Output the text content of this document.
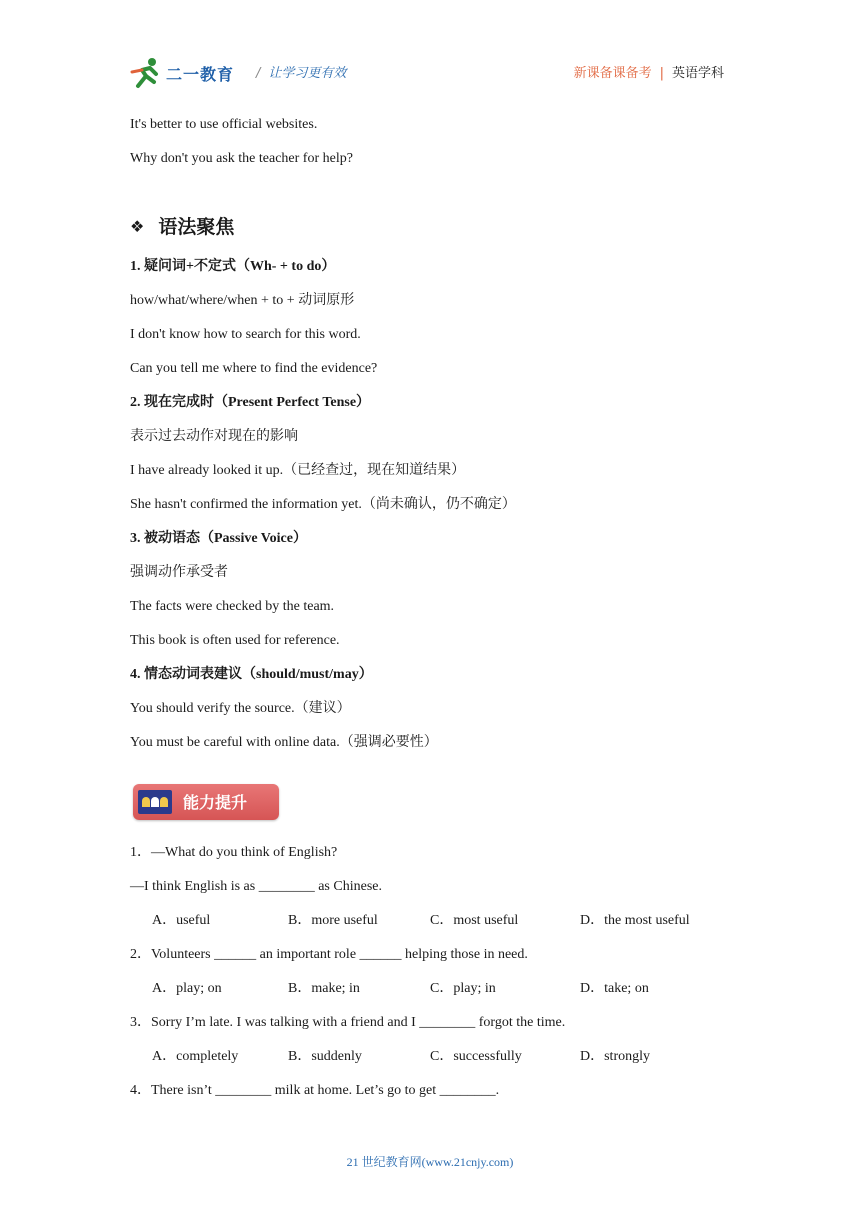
二一教育 / 让学习更有效	新课备课备考 | 英语学科
It's better to use official websites.
Why don't you ask the teacher for help?
❖ 语法聚焦
1. 疑问词+不定式（Wh- + to do）
how/what/where/when + to + 动词原形
I don't know how to search for this word.
Can you tell me where to find the evidence?
2. 现在完成时（Present Perfect Tense）
表示过去动作对现在的影响
I have already looked it up.（已经查过，现在知道结果）
She hasn't confirmed the information yet.（尚未确认，仍不确定）
3. 被动语态（Passive Voice）
强调动作承受者
The facts were checked by the team.
This book is often used for reference.
4. 情态动词表建议（should/must/may）
You should verify the source.（建议）
You must be careful with online data.（强调必要性）
能力提升
1．—What do you think of English?
—I think English is as ________ as Chinese.
A．useful	B．more useful	C．most useful	D．the most useful
2．Volunteers ______ an important role ______ helping those in need.
A．play; on	B．make; in	C．play; in	D．take; on
3．Sorry I’m late. I was talking with a friend and I ________ forgot the time.
A．completely	B．suddenly	C．successfully	D．strongly
4．There isn’t ________ milk at home. Let’s go to get ________.
21 世纪教育网(www.21cnjy.com)
